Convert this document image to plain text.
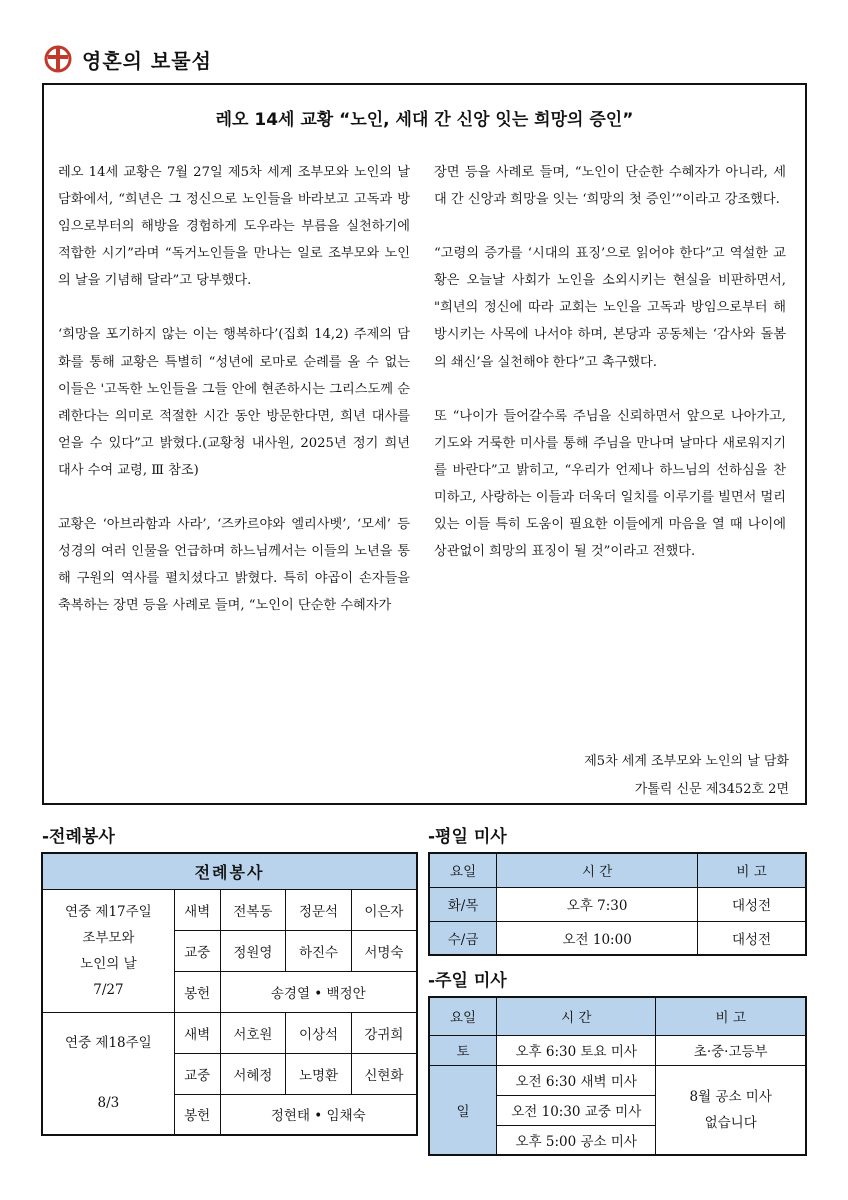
영혼의 보물섬
레오 14세 교황 “노인, 세대 간 신앙 잇는 희망의 증인”

레오 14세 교황은 7월 27일 제5차 세계 조부모와 노인의 날 담화에서, “희년은 그 정신으로 노인들을 바라보고 고독과 방임으로부터의 해방을 경험하게 도우라는 부름을 실천하기에 적합한 시기”라며 “독거노인들을 만나는 일로 조부모와 노인의 날을 기념해 달라”고 당부했다.

‘희망을 포기하지 않는 이는 행복하다’(집회 14,2) 주제의 담화를 통해 교황은 특별히 “성년에 로마로 순례를 올 수 없는 이들은 '고독한 노인들을 그들 안에 현존하시는 그리스도께 순례한다는 의미로 적절한 시간 동안 방문한다면, 희년 대사를 얻을 수 있다”고 밝혔다.(교황청 내사원, 2025년 정기 희년 대사 수여 교령, Ⅲ 참조)

교황은 ‘아브라함과 사라’, ‘즈카르야와 엘리사벳’, ‘모세’ 등 성경의 여러 인물을 언급하며 하느님께서는 이들의 노년을 통해 구원의 역사를 펼치셨다고 밝혔다. 특히 야곱이 손자들을 축복하는 장면 등을 사례로 들며, “노인이 단순한 수혜자가

장면 등을 사례로 들며, “노인이 단순한 수혜자가 아니라, 세대 간 신앙과 희망을 잇는 ‘희망의 첫 증인’”이라고 강조했다.

“고령의 증가를 ‘시대의 표징’으로 읽어야 한다”고 역설한 교황은 오늘날 사회가 노인을 소외시키는 현실을 비판하면서, "희년의 정신에 따라 교회는 노인을 고독과 방임으로부터 해방시키는 사목에 나서야 하며, 본당과 공동체는 ‘감사와 돌봄의 쇄신’을 실천해야 한다”고 촉구했다.

또 “나이가 들어갈수록 주님을 신뢰하면서 앞으로 나아가고, 기도와 거룩한 미사를 통해 주님을 만나며 날마다 새로워지기를 바란다”고 밝히고, “우리가 언제나 하느님의 선하심을 찬미하고, 사랑하는 이들과 더욱더 일치를 이루기를 빌면서 멀리 있는 이들 특히 도움이 필요한 이들에게 마음을 열 때 나이에 상관없이 희망의 표징이 될 것”이라고 전했다.

제5차 세계 조부모와 노인의 날 담화
가톨릭 신문 제3452호 2면
-전례봉사	-평일 미사
-주일 미사
전례봉사				

연중 제17주일
조부모와
노인의 날
7/27	새벽	전복동	정문석	이은자
	교중	정원영	하진수	서명숙
	봉헌	송경열 • 백정안		

연중 제18주일
8/3	새벽	서호원	이상석	강귀희
	교중	서혜정	노명환	신현화
	봉헌	정현태 • 임채숙		
요일	시 간	비 고
화/목	오후 7:30	대성전
수/금	오전 10:00	대성전
요일	시 간	비 고
토	오후 6:30 토요 미사	초·중·고등부
일	오전 6:30 새벽 미사	8월 공소 미사
없습니다

	오전 10:30 교중 미사	
	오후 5:00 공소 미사	
